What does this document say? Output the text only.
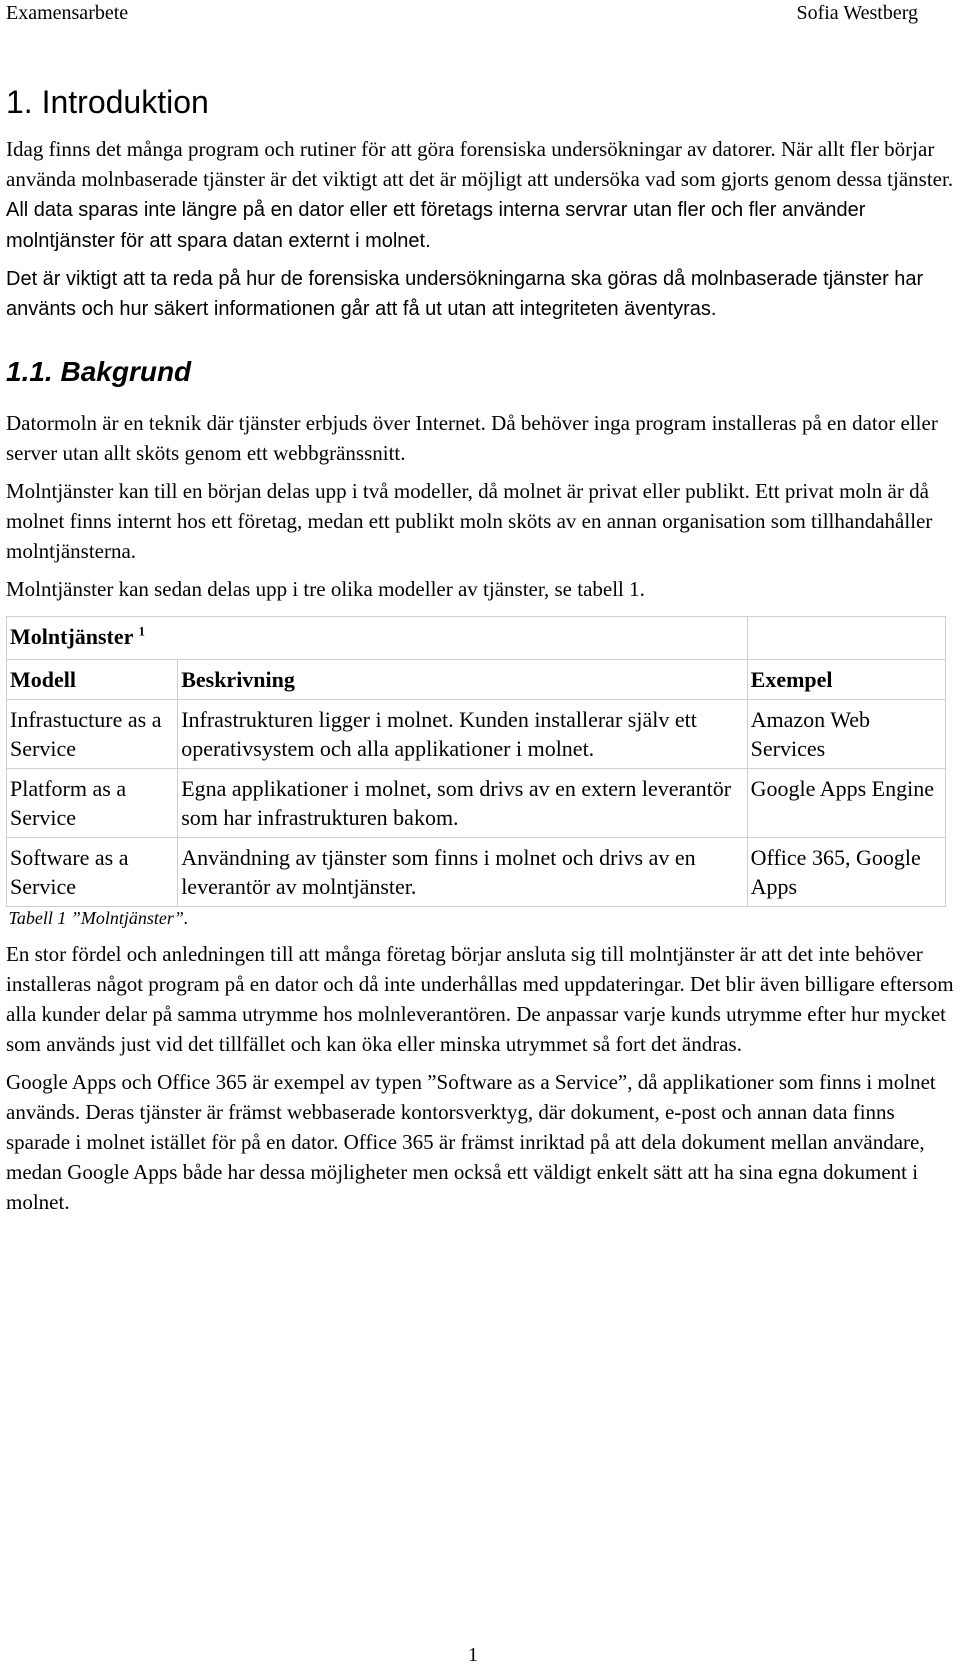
Examensarbete	Sofia Westberg
1. Introduktion

Idag finns det många program och rutiner för att göra forensiska undersökningar av datorer. När allt fler börjar använda molnbaserade tjänster är det viktigt att det är möjligt att undersöka vad som gjorts genom dessa tjänster. All data sparas inte längre på en dator eller ett företags interna servrar utan fler och fler använder molntjänster för att spara datan externt i molnet.

Det är viktigt att ta reda på hur de forensiska undersökningarna ska göras då molnbaserade tjänster har använts och hur säkert informationen går att få ut utan att integriteten äventyras.

1.1. Bakgrund

Datormoln är en teknik där tjänster erbjuds över Internet. Då behöver inga program installeras på en dator eller server utan allt sköts genom ett webbgränssnitt.

Molntjänster kan till en början delas upp i två modeller, då molnet är privat eller publikt. Ett privat moln är då molnet finns internt hos ett företag, medan ett publikt moln sköts av en annan organisation som tillhandahåller molntjänsterna.

Molntjänster kan sedan delas upp i tre olika modeller av tjänster, se tabell 1.

Molntjänster $^1$	
Modell	Beskrivning	Exempel
Infrastucture as a Service	Infrastrukturen ligger i molnet. Kunden installerar själv ett operativsystem och alla applikationer i molnet.	Amazon Web Services
Platform as a Service	Egna applikationer i molnet, som drivs av en extern leverantör som har infrastrukturen bakom.	Google Apps Engine
Software as a Service	Användning av tjänster som finns i molnet och drivs av en leverantör av molntjänster.	Office 365, Google Apps
Tabell 1 ”Molntjänster”.		

En stor fördel och anledningen till att många företag börjar ansluta sig till molntjänster är att det inte behöver installeras något program på en dator och då inte underhållas med uppdateringar. Det blir även billigare eftersom alla kunder delar på samma utrymme hos molnleverantören. De anpassar varje kunds utrymme efter hur mycket som används just vid det tillfället och kan öka eller minska utrymmet så fort det ändras.

Google Apps och Office 365 är exempel av typen ”Software as a Service”, då applikationer som finns i molnet används. Deras tjänster är främst webbaserade kontorsverktyg, där dokument, e-post och annan data finns sparade i molnet istället för på en dator. Office 365 är främst inriktad på att dela dokument mellan användare, medan Google Apps både har dessa möjligheter men också ett väldigt enkelt sätt att ha sina egna dokument i molnet.

1
